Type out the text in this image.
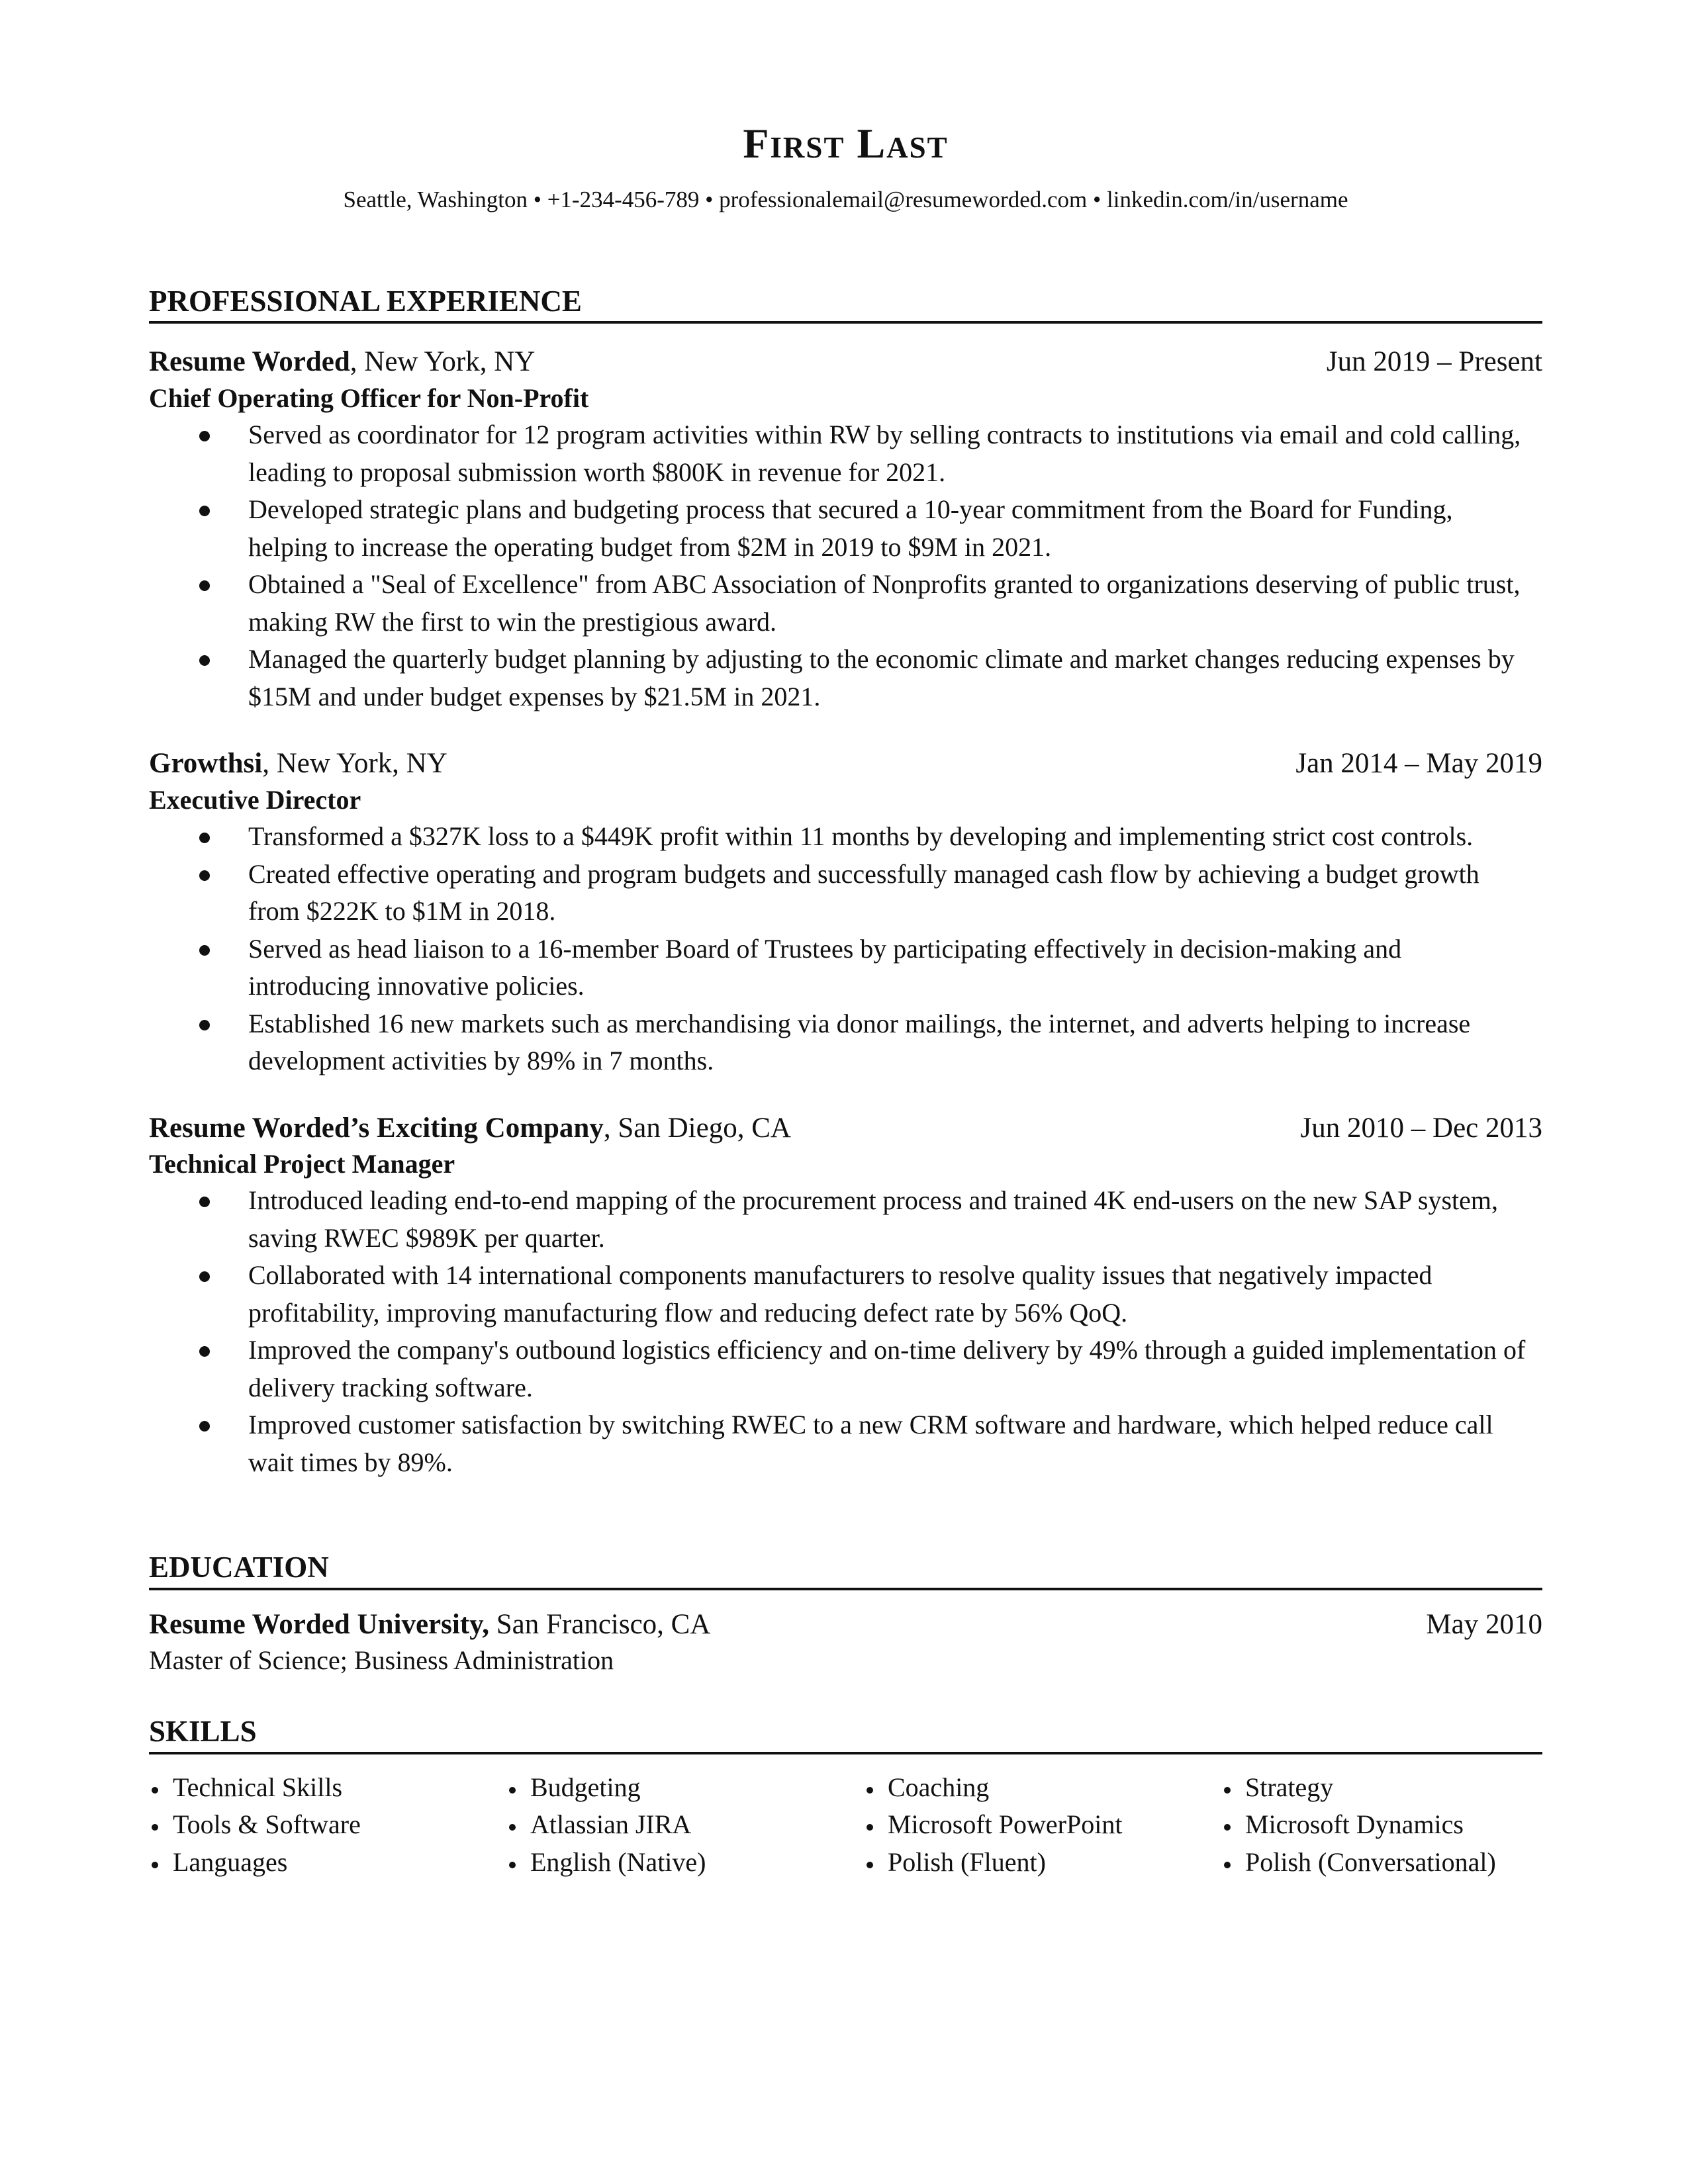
First Last
Seattle, Washington • +1-234-456-789 • professionalemail@resumeworded.com • linkedin.com/in/username
PROFESSIONAL EXPERIENCE
Resume Worded, New York, NY	Jun 2019 – Present
Chief Operating Officer for Non-Profit
Served as coordinator for 12 program activities within RW by selling contracts to institutions via email and cold calling, leading to proposal submission worth $800K in revenue for 2021.
Developed strategic plans and budgeting process that secured a 10-year commitment from the Board for Funding, helping to increase the operating budget from $2M in 2019 to $9M in 2021.
Obtained a "Seal of Excellence" from ABC Association of Nonprofits granted to organizations deserving of public trust, making RW the first to win the prestigious award.
Managed the quarterly budget planning by adjusting to the economic climate and market changes reducing expenses by $15M and under budget expenses by $21.5M in 2021.
Growthsi, New York, NY	Jan 2014 – May 2019
Executive Director
Transformed a $327K loss to a $449K profit within 11 months by developing and implementing strict cost controls.
Created effective operating and program budgets and successfully managed cash flow by achieving a budget growth from $222K to $1M in 2018.
Served as head liaison to a 16-member Board of Trustees by participating effectively in decision-making and introducing innovative policies.
Established 16 new markets such as merchandising via donor mailings, the internet, and adverts helping to increase development activities by 89% in 7 months.
Resume Worded’s Exciting Company, San Diego, CA	Jun 2010 – Dec 2013
Technical Project Manager
Introduced leading end-to-end mapping of the procurement process and trained 4K end-users on the new SAP system, saving RWEC $989K per quarter.
Collaborated with 14 international components manufacturers to resolve quality issues that negatively impacted profitability, improving manufacturing flow and reducing defect rate by 56% QoQ.
Improved the company's outbound logistics efficiency and on-time delivery by 49% through a guided implementation of delivery tracking software.
Improved customer satisfaction by switching RWEC to a new CRM software and hardware, which helped reduce call wait times by 89%.
EDUCATION
Resume Worded University, San Francisco, CA	May 2010
Master of Science; Business Administration
SKILLS
Technical Skills	Budgeting	Coaching	Strategy
Tools & Software	Atlassian JIRA	Microsoft PowerPoint	Microsoft Dynamics
Languages	English (Native)	Polish (Fluent)	Polish (Conversational)
